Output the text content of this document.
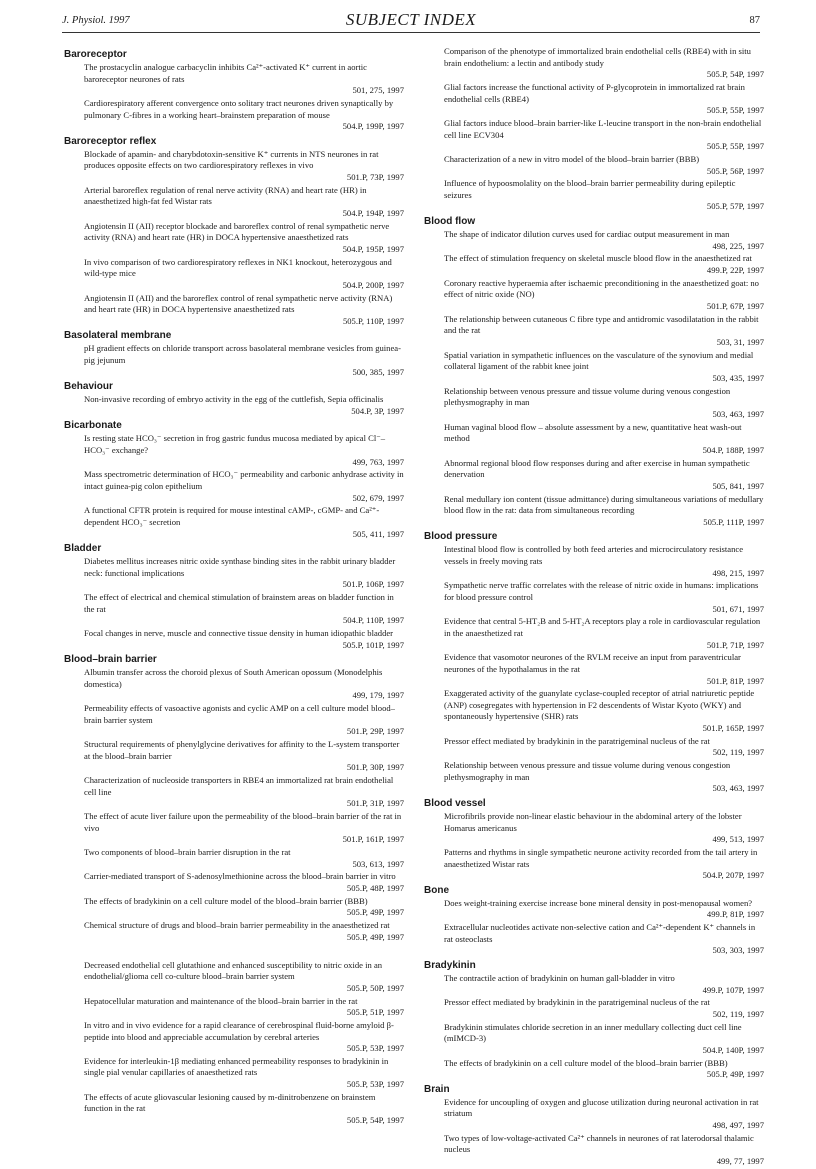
J. Physiol. 1997	SUBJECT INDEX	87
Baroreceptor
The prostacyclin analogue carbacyclin inhibits Ca²⁺-activated K⁺ current in aortic baroreceptor neurones of rats
501, 275, 1997
Cardiorespiratory afferent convergence onto solitary tract neurones driven synaptically by pulmonary C-fibres in a working heart–brainstem preparation of mouse
504.P, 199P, 1997
Baroreceptor reflex
Blockade of apamin- and charybdotoxin-sensitive K⁺ currents in NTS neurones in rat produces opposite effects on two cardiorespiratory reflexes in vivo
501.P, 73P, 1997
Arterial baroreflex regulation of renal nerve activity (RNA) and heart rate (HR) in anaesthetized high-fat fed Wistar rats
504.P, 194P, 1997
Angiotensin II (AII) receptor blockade and baroreflex control of renal sympathetic nerve activity (RNA) and heart rate (HR) in DOCA hypertensive anaesthetized rats
504.P, 195P, 1997
In vivo comparison of two cardiorespiratory reflexes in NK1 knockout, heterozygous and wild-type mice
504.P, 200P, 1997
Angiotensin II (AII) and the baroreflex control of renal sympathetic nerve activity (RNA) and heart rate (HR) in DOCA hypertensive anaesthetized rats
505.P, 110P, 1997
Basolateral membrane
pH gradient effects on chloride transport across basolateral membrane vesicles from guinea-pig jejunum
500, 385, 1997
Behaviour
Non-invasive recording of embryo activity in the egg of the cuttlefish, Sepia officinalis
504.P, 3P, 1997
Bicarbonate
Is resting state HCO₃⁻ secretion in frog gastric fundus mucosa mediated by apical Cl⁻–HCO₃⁻ exchange?
499, 763, 1997
Mass spectrometric determination of HCO₃⁻ permeability and carbonic anhydrase activity in intact guinea-pig colon epithelium
502, 679, 1997
A functional CFTR protein is required for mouse intestinal cAMP-, cGMP- and Ca²⁺-dependent HCO₃⁻ secretion
505, 411, 1997
Bladder
Diabetes mellitus increases nitric oxide synthase binding sites in the rabbit urinary bladder neck: functional implications
501.P, 106P, 1997
The effect of electrical and chemical stimulation of brainstem areas on bladder function in the rat
504.P, 110P, 1997
Focal changes in nerve, muscle and connective tissue density in human idiopathic bladder
505.P, 101P, 1997
Blood–brain barrier
Albumin transfer across the choroid plexus of South American opossum (Monodelphis domestica)
499, 179, 1997
Permeability effects of vasoactive agonists and cyclic AMP on a cell culture model blood–brain barrier system
501.P, 29P, 1997
Structural requirements of phenylglycine derivatives for affinity to the L-system transporter at the blood–brain barrier
501.P, 30P, 1997
Characterization of nucleoside transporters in RBE4 an immortalized rat brain endothelial cell line
501.P, 31P, 1997
The effect of acute liver failure upon the permeability of the blood–brain barrier of the rat in vivo
501.P, 161P, 1997
Two components of blood–brain barrier disruption in the rat
503, 613, 1997
Carrier-mediated transport of S-adenosylmethionine across the blood–brain barrier in vitro
505.P, 48P, 1997
The effects of bradykinin on a cell culture model of the blood–brain barrier (BBB)
505.P, 49P, 1997
Chemical structure of drugs and blood–brain barrier permeability in the anaesthetized rat
505.P, 49P, 1997
Decreased endothelial cell glutathione and enhanced susceptibility to nitric oxide in an endothelial/glioma cell co-culture blood–brain barrier system
505.P, 50P, 1997
Hepatocellular maturation and maintenance of the blood–brain barrier in the rat
505.P, 51P, 1997
In vitro and in vivo evidence for a rapid clearance of cerebrospinal fluid-borne amyloid β-peptide into blood and appreciable accumulation by cerebral arteries
505.P, 53P, 1997
Evidence for interleukin-1β mediating enhanced permeability responses to bradykinin in single pial venular capillaries of anaesthetized rats
505.P, 53P, 1997
The effects of acute gliovascular lesioning caused by m-dinitrobenzene on brainstem function in the rat
505.P, 54P, 1997
Comparison of the phenotype of immortalized brain endothelial cells (RBE4) with in situ brain endothelium: a lectin and antibody study
505.P, 54P, 1997
Glial factors increase the functional activity of P-glycoprotein in immortalized rat brain endothelial cells (RBE4)
505.P, 55P, 1997
Glial factors induce blood–brain barrier-like L-leucine transport in the non-brain endothelial cell line ECV304
505.P, 55P, 1997
Characterization of a new in vitro model of the blood–brain barrier (BBB)
505.P, 56P, 1997
Influence of hypoosmolality on the blood–brain barrier permeability during epileptic seizures
505.P, 57P, 1997
Blood flow
The shape of indicator dilution curves used for cardiac output measurement in man
498, 225, 1997
The effect of stimulation frequency on skeletal muscle blood flow in the anaesthetized rat
499.P, 22P, 1997
Coronary reactive hyperaemia after ischaemic preconditioning in the anaesthetized goat: no effect of nitric oxide (NO)
501.P, 67P, 1997
The relationship between cutaneous C fibre type and antidromic vasodilatation in the rabbit and the rat
503, 31, 1997
Spatial variation in sympathetic influences on the vasculature of the synovium and medial collateral ligament of the rabbit knee joint
503, 435, 1997
Relationship between venous pressure and tissue volume during venous congestion plethysmography in man
503, 463, 1997
Human vaginal blood flow – absolute assessment by a new, quantitative heat wash-out method
504.P, 188P, 1997
Abnormal regional blood flow responses during and after exercise in human sympathetic denervation
505, 841, 1997
Renal medullary ion content (tissue admittance) during simultaneous variations of medullary blood flow in the rat: data from simultaneous recording
505.P, 111P, 1997
Blood pressure
Intestinal blood flow is controlled by both feed arteries and microcirculatory resistance vessels in freely moving rats
498, 215, 1997
Sympathetic nerve traffic correlates with the release of nitric oxide in humans: implications for blood pressure control
501, 671, 1997
Evidence that central 5-HT₂B and 5-HT₂A receptors play a role in cardiovascular regulation in the anaesthetized rat
501.P, 71P, 1997
Evidence that vasomotor neurones of the RVLM receive an input from paraventricular neurones of the hypothalamus in the rat
501.P, 81P, 1997
Exaggerated activity of the guanylate cyclase-coupled receptor of atrial natriuretic peptide (ANP) cosegregates with hypertension in F2 descendents of Wistar Kyoto (WKY) and spontaneously hypertensive (SHR) rats
501.P, 165P, 1997
Pressor effect mediated by bradykinin in the paratrigeminal nucleus of the rat
502, 119, 1997
Relationship between venous pressure and tissue volume during venous congestion plethysmography in man
503, 463, 1997
Blood vessel
Microfibrils provide non-linear elastic behaviour in the abdominal artery of the lobster Homarus americanus
499, 513, 1997
Patterns and rhythms in single sympathetic neurone activity recorded from the tail artery in anaesthetized Wistar rats
504.P, 207P, 1997
Bone
Does weight-training exercise increase bone mineral density in post-menopausal women?
499.P, 81P, 1997
Extracellular nucleotides activate non-selective cation and Ca²⁺-dependent K⁺ channels in rat osteoclasts
503, 303, 1997
Bradykinin
The contractile action of bradykinin on human gall-bladder in vitro
499.P, 107P, 1997
Pressor effect mediated by bradykinin in the paratrigeminal nucleus of the rat
502, 119, 1997
Bradykinin stimulates chloride secretion in an inner medullary collecting duct cell line (mIMCD-3)
504.P, 140P, 1997
The effects of bradykinin on a cell culture model of the blood–brain barrier (BBB)
505.P, 49P, 1997
Brain
Evidence for uncoupling of oxygen and glucose utilization during neuronal activation in rat striatum
498, 497, 1997
Two types of low-voltage-activated Ca²⁺ channels in neurones of rat laterodorsal thalamic nucleus
499, 77, 1997
